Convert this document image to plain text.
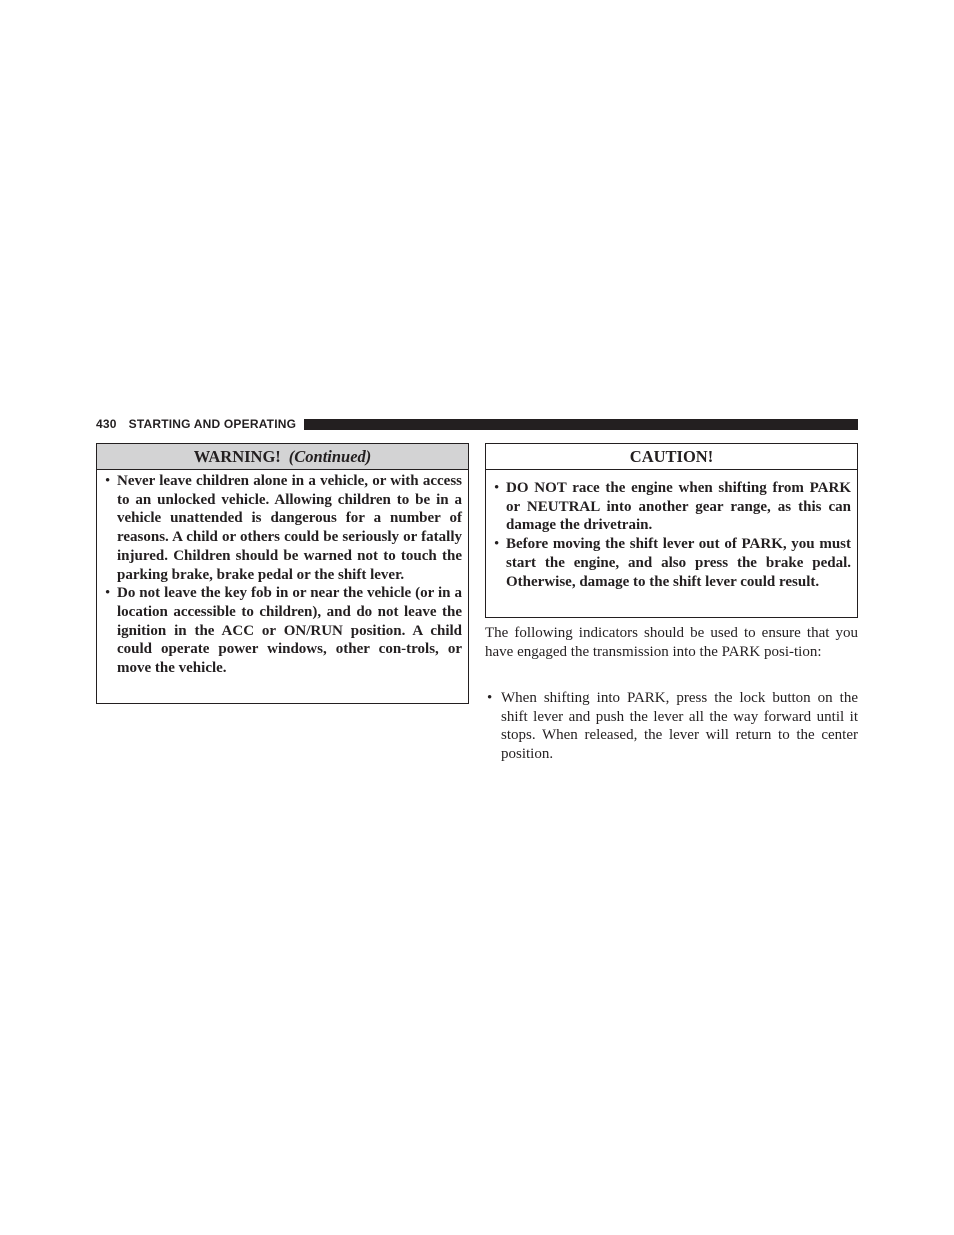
430 STARTING AND OPERATING
WARNING! (Continued)
• Never leave children alone in a vehicle, or with access to an unlocked vehicle. Allowing children to be in a vehicle unattended is dangerous for a number of reasons. A child or others could be seriously or fatally injured. Children should be warned not to touch the parking brake, brake pedal or the shift lever.
• Do not leave the key fob in or near the vehicle (or in a location accessible to children), and do not leave the ignition in the ACC or ON/RUN position. A child could operate power windows, other con-trols, or move the vehicle.
CAUTION!
• DO NOT race the engine when shifting from PARK or NEUTRAL into another gear range, as this can damage the drivetrain.
• Before moving the shift lever out of PARK, you must start the engine, and also press the brake pedal. Otherwise, damage to the shift lever could result.

The following indicators should be used to ensure that you have engaged the transmission into the PARK posi-tion:

• When shifting into PARK, press the lock button on the shift lever and push the lever all the way forward until it stops. When released, the lever will return to the center position.
